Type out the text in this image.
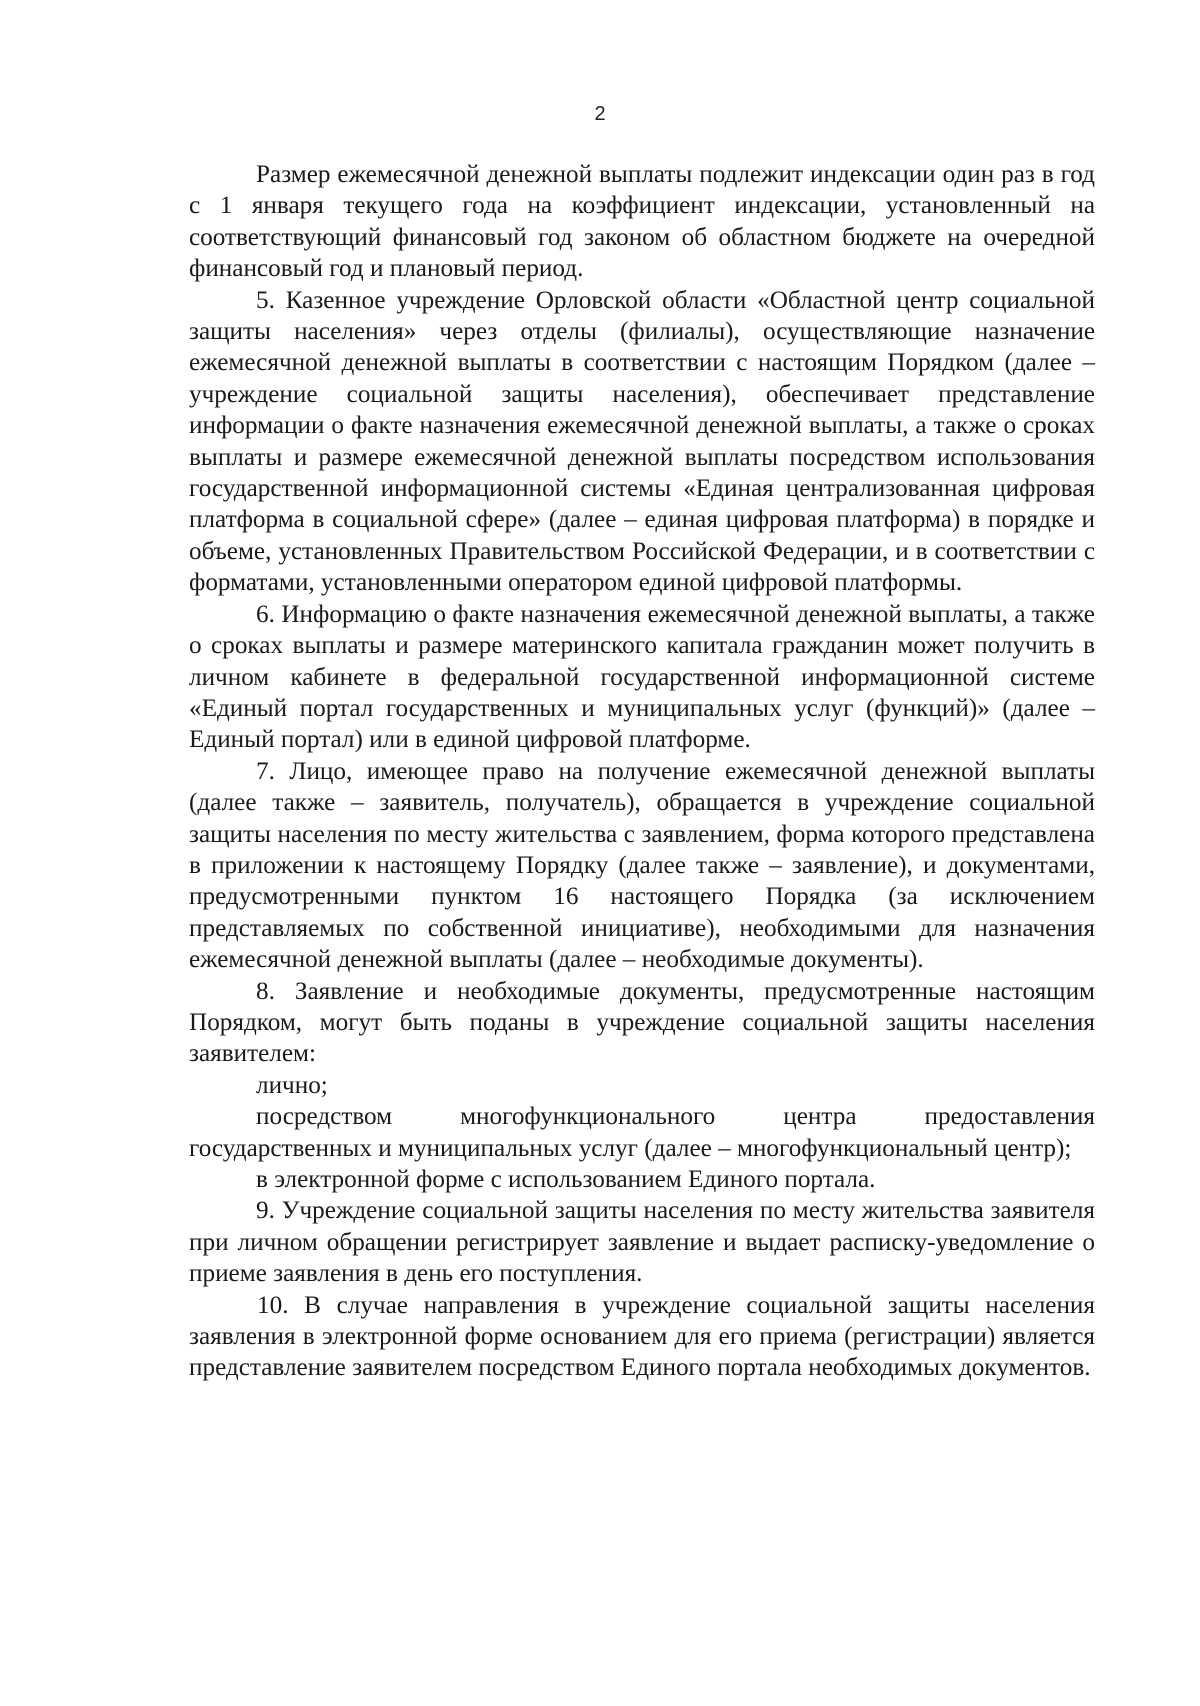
2

Размер ежемесячной денежной выплаты подлежит индексации один раз в год с 1 января текущего года на коэффициент индексации, установленный на соответствующий финансовый год законом об областном бюджете на очередной финансовый год и плановый период.

5. Казенное учреждение Орловской области «Областной центр социальной защиты населения» через отделы (филиалы), осуществляющие назначение ежемесячной денежной выплаты в соответствии с настоящим Порядком (далее – учреждение социальной защиты населения), обеспечивает представление информации о факте назначения ежемесячной денежной выплаты, а также о сроках выплаты и размере ежемесячной денежной выплаты посредством использования государственной информационной системы «Единая централизованная цифровая платформа в социальной сфере» (далее – единая цифровая платформа) в порядке и объеме, установленных Правительством Российской Федерации, и в соответствии с форматами, установленными оператором единой цифровой платформы.

6. Информацию о факте назначения ежемесячной денежной выплаты, а также о сроках выплаты и размере материнского капитала гражданин может получить в личном кабинете в федеральной государственной информационной системе «Единый портал государственных и муниципальных услуг (функций)» (далее – Единый портал) или в единой цифровой платформе.

7. Лицо, имеющее право на получение ежемесячной денежной выплаты (далее также – заявитель, получатель), обращается в учреждение социальной защиты населения по месту жительства с заявлением, форма которого представлена в приложении к настоящему Порядку (далее также – заявление), и документами, предусмотренными пунктом 16 настоящего Порядка (за исключением представляемых по собственной инициативе), необходимыми для назначения ежемесячной денежной выплаты (далее – необходимые документы).

8. Заявление и необходимые документы, предусмотренные настоящим Порядком, могут быть поданы в учреждение социальной защиты населения заявителем:

лично;

посредством многофункционального центра предоставления государственных и муниципальных услуг (далее – многофункциональный центр);

в электронной форме с использованием Единого портала.

9. Учреждение социальной защиты населения по месту жительства заявителя при личном обращении регистрирует заявление и выдает расписку-уведомление о приеме заявления в день его поступления.

10. В случае направления в учреждение социальной защиты населения заявления в электронной форме основанием для его приема (регистрации) является представление заявителем посредством Единого портала необходимых документов.
